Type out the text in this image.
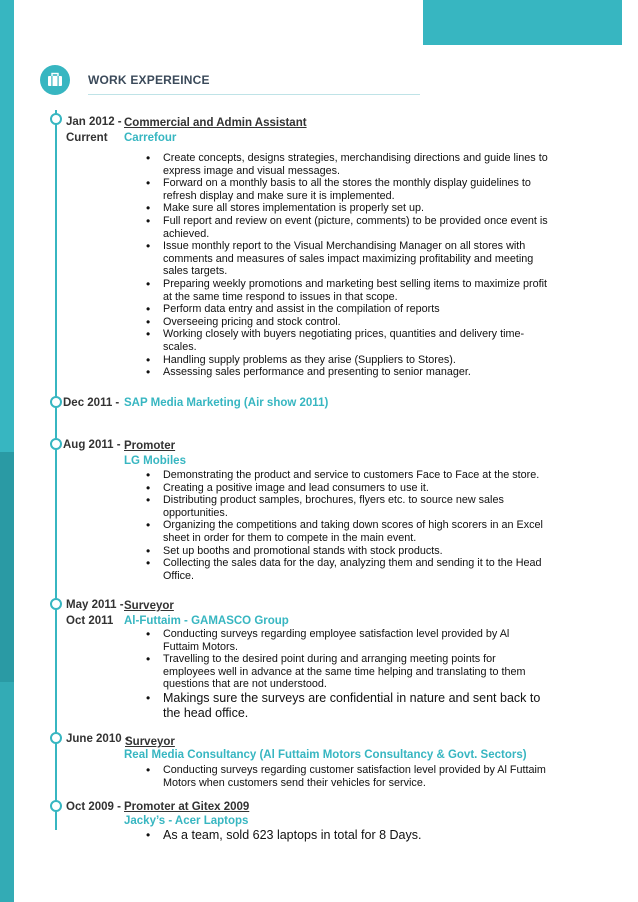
WORK EXPEREINCE
Jan 2012 -
Current
Commercial and Admin Assistant
Carrefour
• Create concepts, designs strategies, merchandising directions and guide lines to express image and visual messages.
• Forward on a monthly basis to all the stores the monthly display guidelines to refresh display and make sure it is implemented.
• Make sure all stores implementation is properly set up.
• Full report and review on event (picture, comments) to be provided once event is achieved.
• Issue monthly report to the Visual Merchandising Manager on all stores with comments and measures of sales impact maximizing profitability and meeting sales targets.
• Preparing weekly promotions and marketing best selling items to maximize profit at the same time respond to issues in that scope.
• Perform data entry and assist in the compilation of reports
• Overseeing pricing and stock control.
• Working closely with buyers negotiating prices, quantities and delivery time-scales.
• Handling supply problems as they arise (Suppliers to Stores).
• Assessing sales performance and presenting to senior manager.
Dec 2011 - SAP Media Marketing (Air show 2011)
Aug 2011 - Promoter
LG Mobiles
• Demonstrating the product and service to customers Face to Face at the store.
• Creating a positive image and lead consumers to use it.
• Distributing product samples, brochures, flyers etc. to source new sales opportunities.
• Organizing the competitions and taking down scores of high scorers in an Excel sheet in order for them to compete in the main event.
• Set up booths and promotional stands with stock products.
• Collecting the sales data for the day, analyzing them and sending it to the Head Office.
May 2011 -
Oct 2011
Surveyor
Al-Futtaim - GAMASCO Group
• Conducting surveys regarding employee satisfaction level provided by Al Futtaim Motors.
• Travelling to the desired point during and arranging meeting points for employees well in advance at the same time helping and translating to them questions that are not understood.
• Makings sure the surveys are confidential in nature and sent back to the head office.
June 2010 -
Surveyor
Real Media Consultancy (Al Futtaim Motors Consultancy & Govt. Sectors)
• Conducting surveys regarding customer satisfaction level provided by Al Futtaim Motors when customers send their vehicles for service.
Oct 2009 - Promoter at Gitex 2009
Jacky’s - Acer Laptops
• As a team, sold 623 laptops in total for 8 Days.
